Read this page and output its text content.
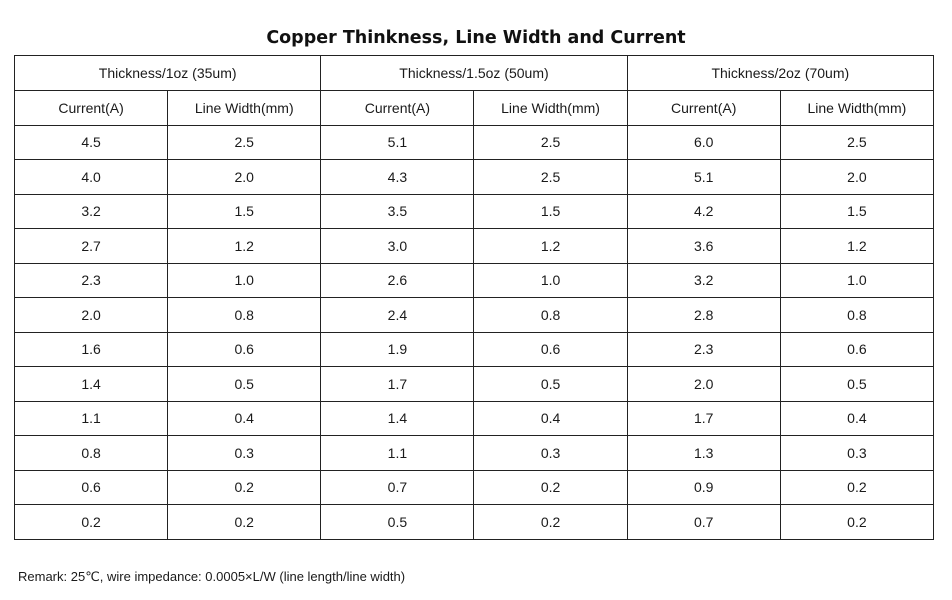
Copper Thinkness, Line Width and Current
Thickness/1oz (35um)		Thickness/1.5oz (50um)		Thickness/2oz (70um)	
Current(A)	Line Width(mm)	Current(A)	Line Width(mm)	Current(A)	Line Width(mm)
4.5	2.5	5.1	2.5	6.0	2.5
4.0	2.0	4.3	2.5	5.1	2.0
3.2	1.5	3.5	1.5	4.2	1.5
2.7	1.2	3.0	1.2	3.6	1.2
2.3	1.0	2.6	1.0	3.2	1.0
2.0	0.8	2.4	0.8	2.8	0.8
1.6	0.6	1.9	0.6	2.3	0.6
1.4	0.5	1.7	0.5	2.0	0.5
1.1	0.4	1.4	0.4	1.7	0.4
0.8	0.3	1.1	0.3	1.3	0.3
0.6	0.2	0.7	0.2	0.9	0.2
0.2	0.2	0.5	0.2	0.7	0.2
Remark: 25℃, wire impedance: 0.0005×L/W (line length/line width)
